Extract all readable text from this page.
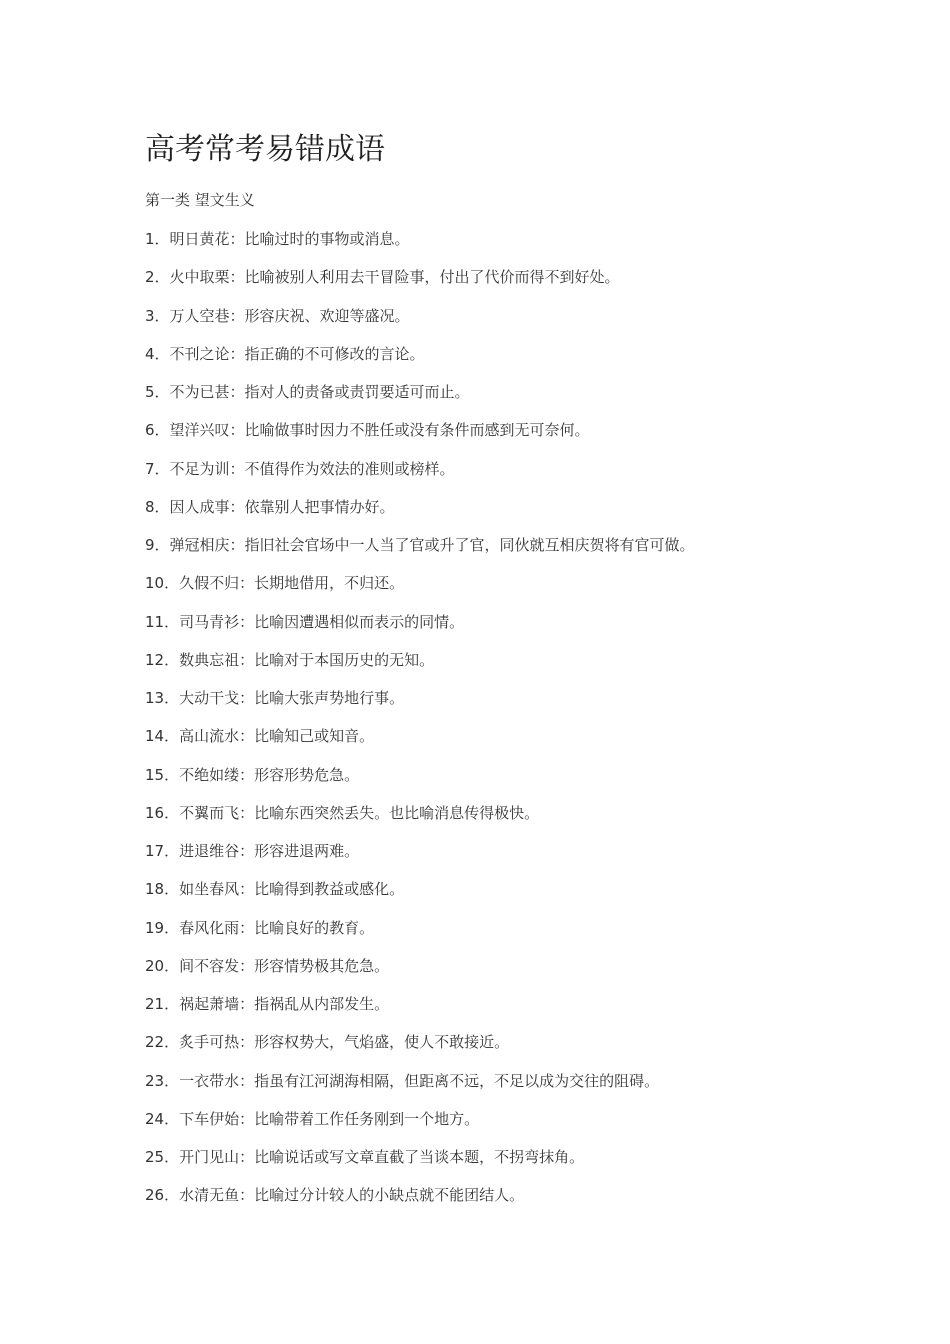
高考常考易错成语
第一类 望文生义
1．明日黄花：比喻过时的事物或消息。
2．火中取栗：比喻被别人利用去干冒险事，付出了代价而得不到好处。
3．万人空巷：形容庆祝、欢迎等盛况。
4．不刊之论：指正确的不可修改的言论。
5．不为已甚：指对人的责备或责罚要适可而止。
6．望洋兴叹：比喻做事时因力不胜任或没有条件而感到无可奈何。
7．不足为训：不值得作为效法的准则或榜样。
8．因人成事：依靠别人把事情办好。
9．弹冠相庆：指旧社会官场中一人当了官或升了官，同伙就互相庆贺将有官可做。
10．久假不归：长期地借用，不归还。
11．司马青衫：比喻因遭遇相似而表示的同情。
12．数典忘祖：比喻对于本国历史的无知。
13．大动干戈：比喻大张声势地行事。
14．高山流水：比喻知己或知音。
15．不绝如缕：形容形势危急。
16．不翼而飞：比喻东西突然丢失。也比喻消息传得极快。
17．进退维谷：形容进退两难。
18．如坐春风：比喻得到教益或感化。
19．春风化雨：比喻良好的教育。
20．间不容发：形容情势极其危急。
21．祸起萧墙：指祸乱从内部发生。
22．炙手可热：形容权势大，气焰盛，使人不敢接近。
23．一衣带水：指虽有江河湖海相隔，但距离不远，不足以成为交往的阻碍。
24．下车伊始：比喻带着工作任务刚到一个地方。
25．开门见山：比喻说话或写文章直截了当谈本题，不拐弯抹角。
26．水清无鱼：比喻过分计较人的小缺点就不能团结人。
